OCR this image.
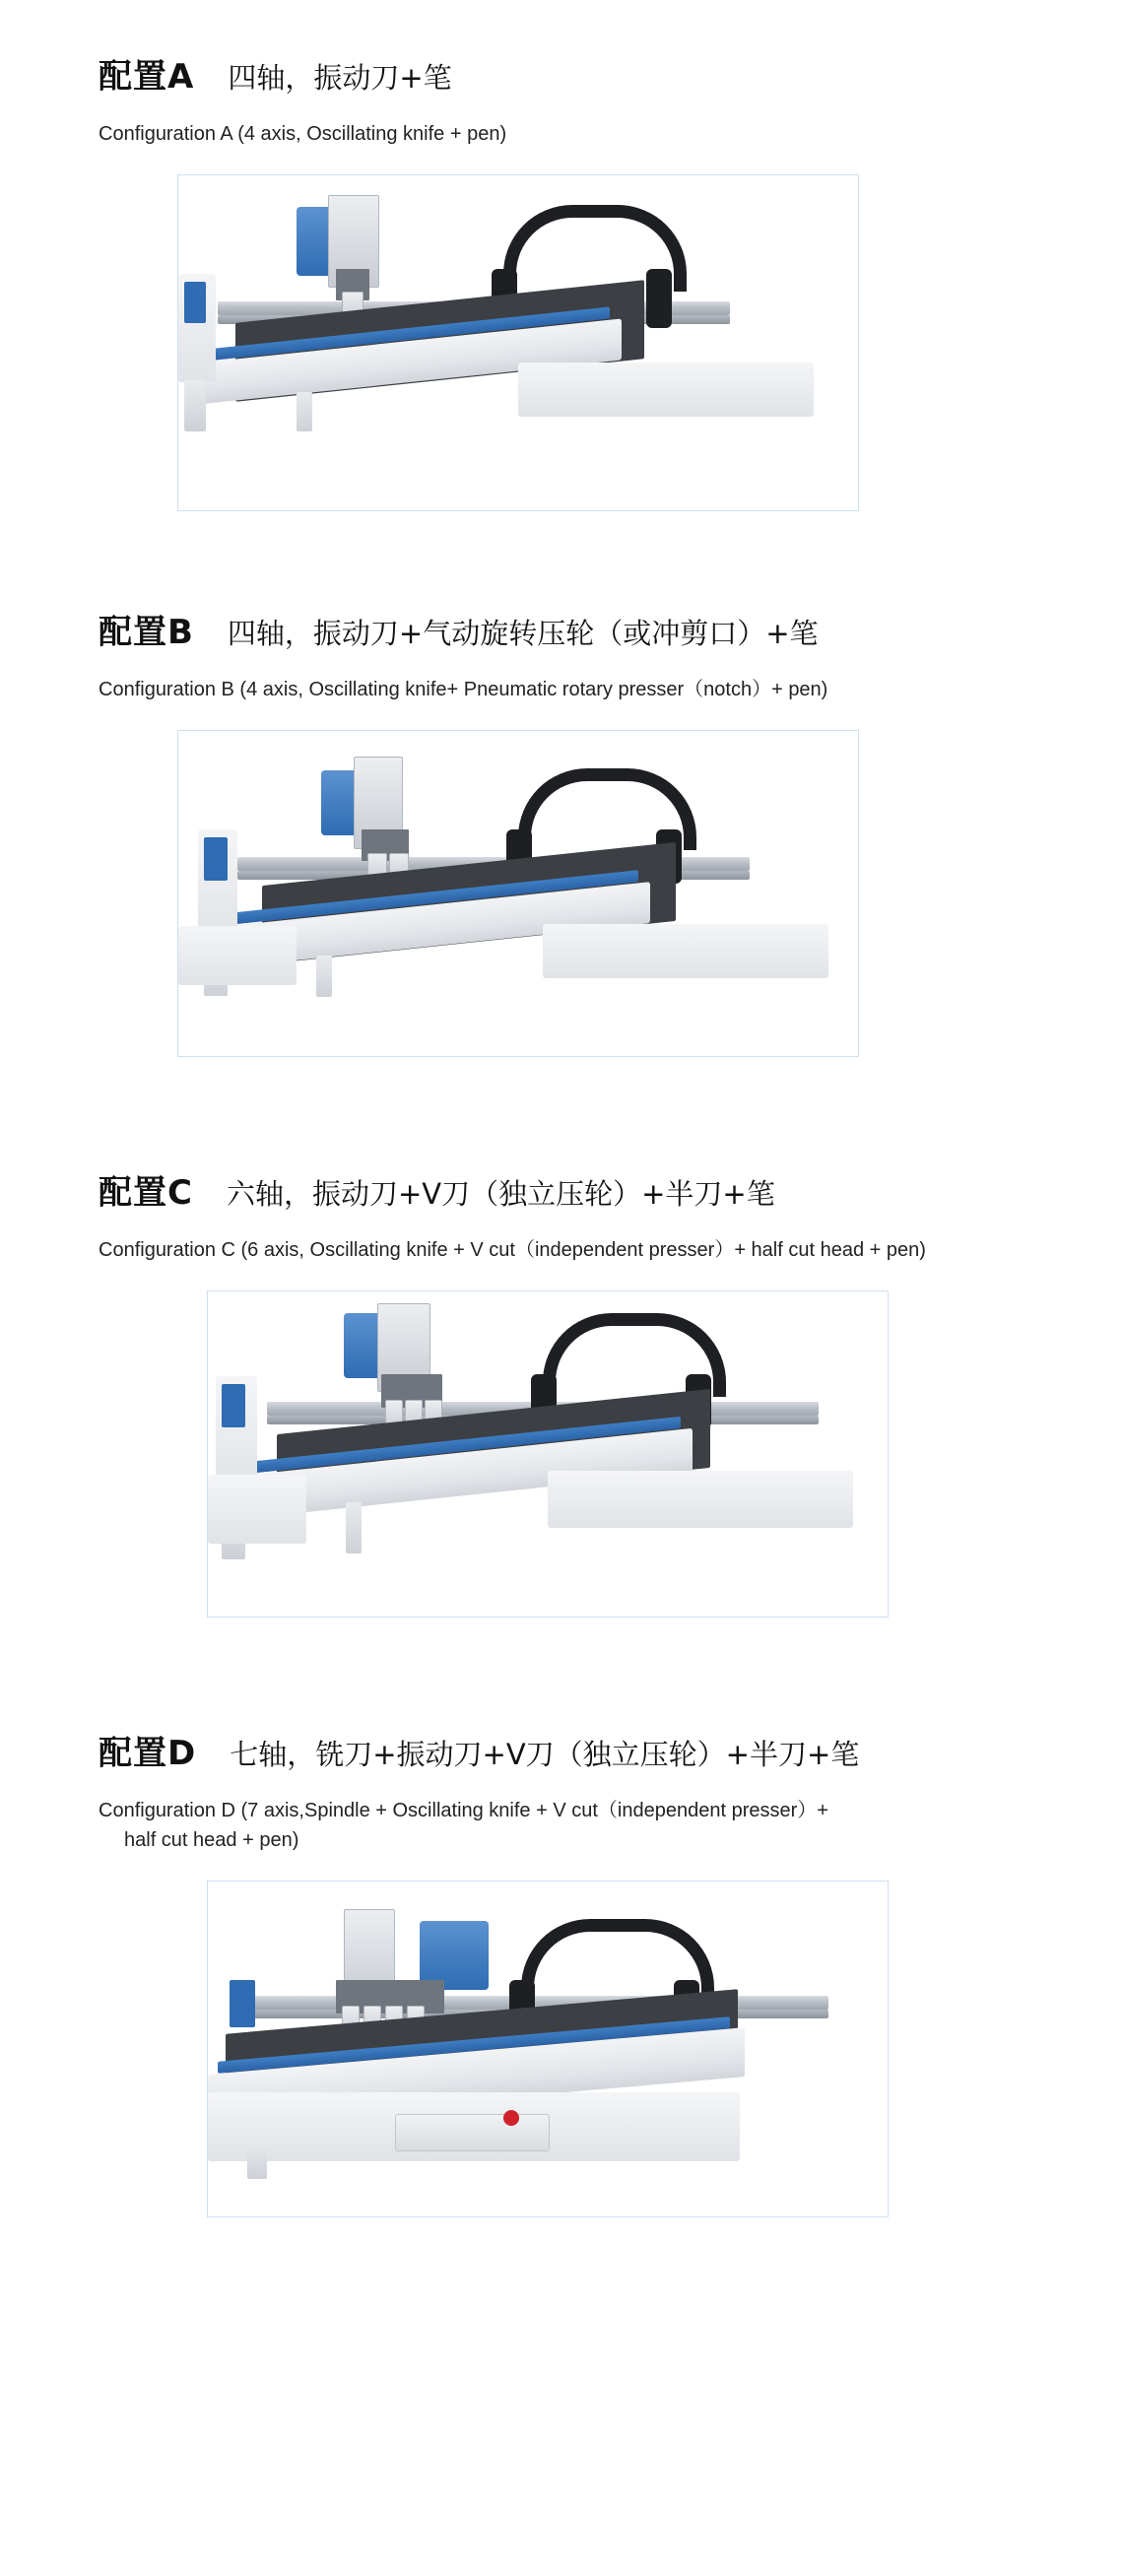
配置A 四轴，振动刀+笔
Configuration A (4 axis, Oscillating knife + pen)
CNC
配置B 四轴，振动刀+气动旋转压轮（或冲剪口）+笔
Configuration B (4 axis, Oscillating knife+ Pneumatic rotary presser（notch）+ pen)
CNC
配置C 六轴，振动刀+V刀（独立压轮）+半刀+笔
Configuration C (6 axis, Oscillating knife + V cut（independent presser）+ half cut head + pen)
CNC
配置D 七轴，铣刀+振动刀+V刀（独立压轮）+半刀+笔
Configuration D (7 axis,Spindle + Oscillating knife + V cut（independent presser）+
half cut head + pen)
CNC
